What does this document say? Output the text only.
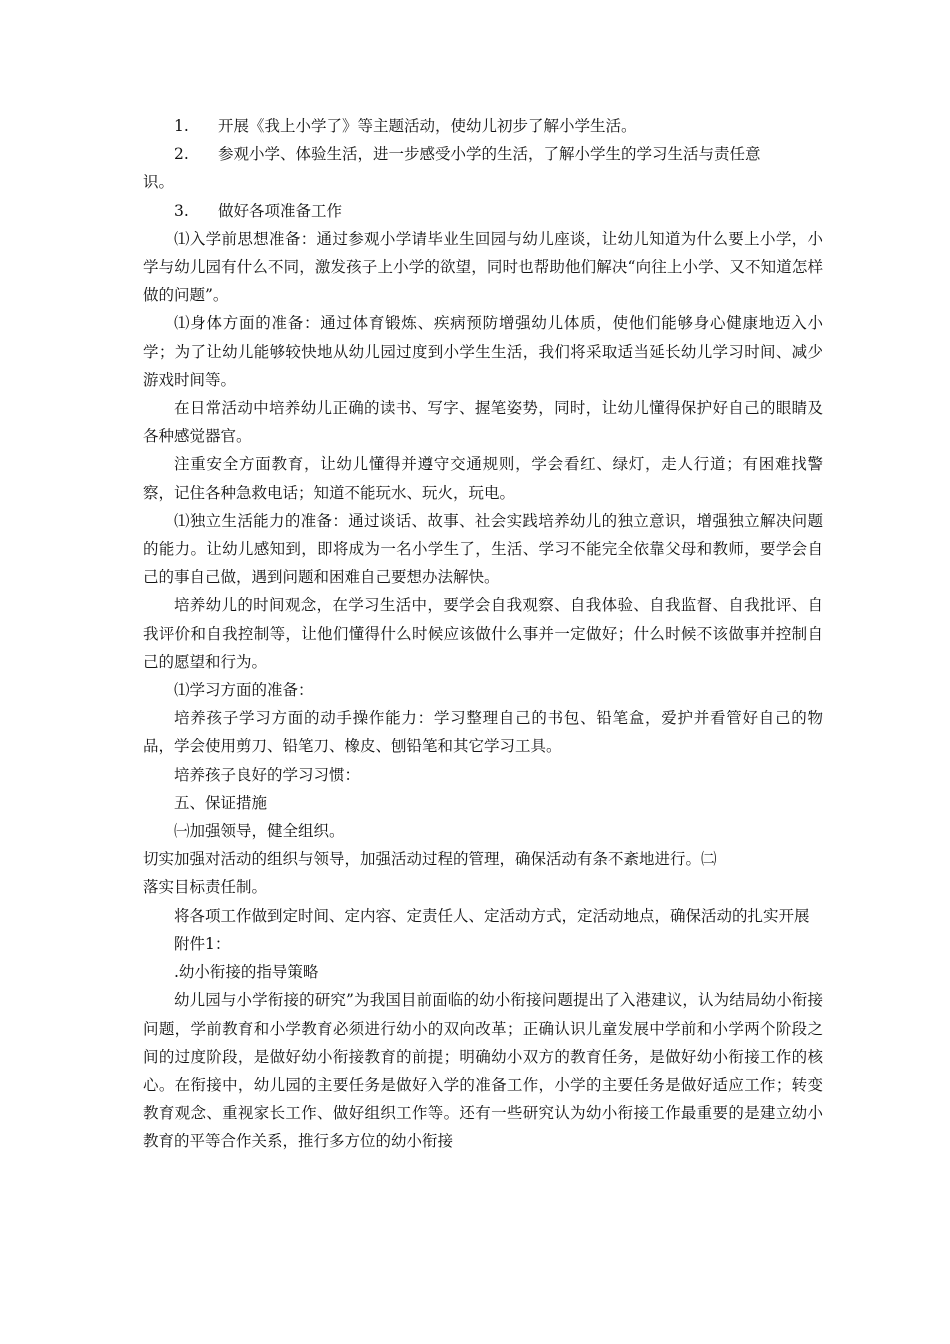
1.	开展《我上小学了》等主题活动，使幼儿初步了解小学生活。
2.	参观小学、体验生活，进一步感受小学的生活，了解小学生的学习生活与责任意
识。
3.	做好各项准备工作

⑴入学前思想准备：通过参观小学请毕业生回园与幼儿座谈，让幼儿知道为什么要上小学，小学与幼儿园有什么不同，激发孩子上小学的欲望，同时也帮助他们解决“向往上小学、又不知道怎样做的问题”。

⑴身体方面的准备：通过体育锻炼、疾病预防增强幼儿体质，使他们能够身心健康地迈入小学；为了让幼儿能够较快地从幼儿园过度到小学生生活，我们将采取适当延长幼儿学习时间、减少游戏时间等。

在日常活动中培养幼儿正确的读书、写字、握笔姿势，同时，让幼儿懂得保护好自己的眼睛及各种感觉器官。

注重安全方面教育，让幼儿懂得并遵守交通规则，学会看红、绿灯，走人行道；有困难找警察，记住各种急救电话；知道不能玩水、玩火，玩电。

⑴独立生活能力的准备：通过谈话、故事、社会实践培养幼儿的独立意识，增强独立解决问题的能力。让幼儿感知到，即将成为一名小学生了，生活、学习不能完全依靠父母和教师，要学会自己的事自己做，遇到问题和困难自己要想办法解快。

培养幼儿的时间观念，在学习生活中，要学会自我观察、自我体验、自我监督、自我批评、自我评价和自我控制等，让他们懂得什么时候应该做什么事并一定做好；什么时候不该做事并控制自己的愿望和行为。

⑴学习方面的准备：

培养孩子学习方面的动手操作能力：学习整理自己的书包、铅笔盒，爱护并看管好自己的物品，学会使用剪刀、铅笔刀、橡皮、刨铅笔和其它学习工具。

培养孩子良好的学习习惯：

五、保证措施

㈠加强领导，健全组织。

切实加强对活动的组织与领导，加强活动过程的管理，确保活动有条不紊地进行。㈡

落实目标责任制。

将各项工作做到定时间、定内容、定责任人、定活动方式，定活动地点，确保活动的扎实开展

附件1：

.幼小衔接的指导策略

幼儿园与小学衔接的研究”为我国目前面临的幼小衔接问题提出了入港建议，认为结局幼小衔接问题，学前教育和小学教育必须进行幼小的双向改革；正确认识儿童发展中学前和小学两个阶段之间的过度阶段，是做好幼小衔接教育的前提；明确幼小双方的教育任务，是做好幼小衔接工作的核心。在衔接中，幼儿园的主要任务是做好入学的准备工作，小学的主要任务是做好适应工作；转变教育观念、重视家长工作、做好组织工作等。还有一些研究认为幼小衔接工作最重要的是建立幼小教育的平等合作关系，推行多方位的幼小衔接
